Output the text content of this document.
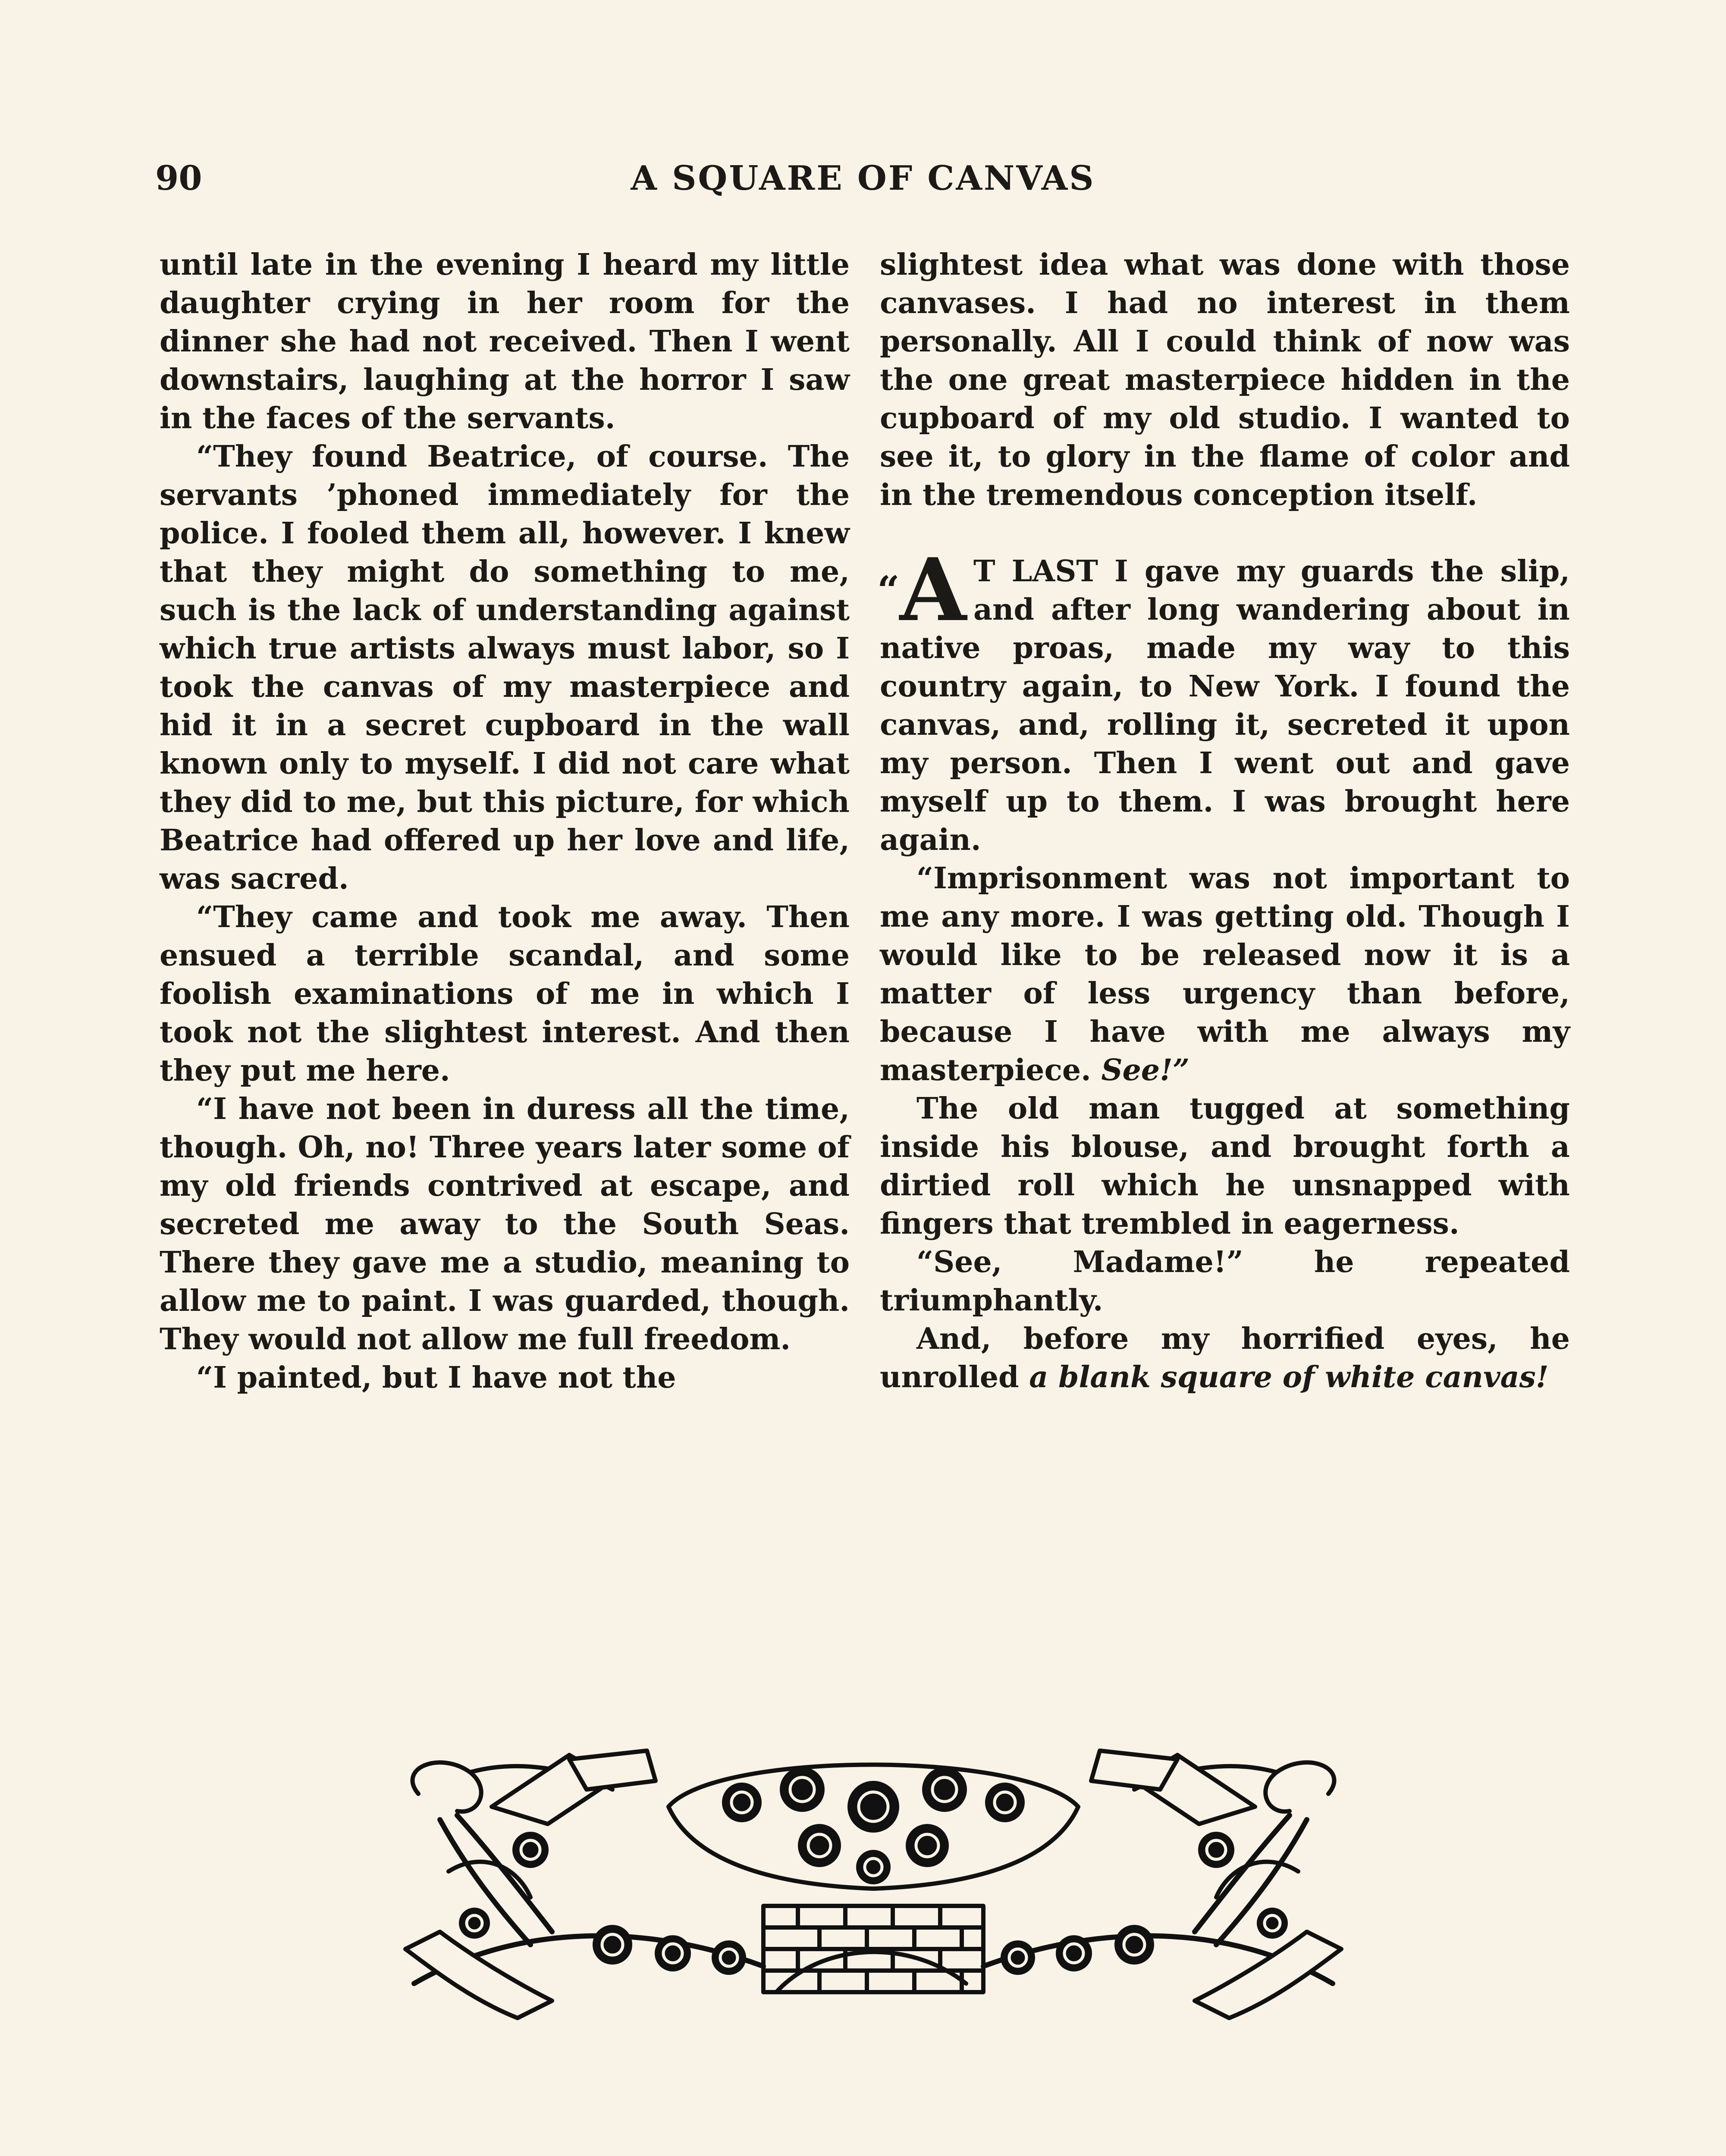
90	A SQUARE OF CANVAS

until late in the evening I heard my little daughter crying in her room for the dinner she had not received. Then I went downstairs, laughing at the horror I saw in the faces of the servants.

“They found Beatrice, of course. The servants ’phoned immediately for the police. I fooled them all, however. I knew that they might do something to me, such is the lack of understanding against which true artists always must labor, so I took the canvas of my masterpiece and hid it in a secret cupboard in the wall known only to myself. I did not care what they did to me, but this picture, for which Beatrice had offered up her love and life, was sacred.

“They came and took me away. Then ensued a terrible scandal, and some foolish examinations of me in which I took not the slightest interest. And then they put me here.

“I have not been in duress all the time, though. Oh, no! Three years later some of my old friends contrived at escape, and secreted me away to the South Seas. There they gave me a studio, meaning to allow me to paint. I was guarded, though. They would not allow me full freedom.

“I painted, but I have not the

slightest idea what was done with those canvases. I had no interest in them personally. All I could think of now was the one great masterpiece hidden in the cupboard of my old studio. I wanted to see it, to glory in the flame of color and in the tremendous conception itself.

“A T LAST I gave my guards the slip, and after long wandering about in native proas, made my way to this country again, to New York. I found the canvas, and, rolling it, secreted it upon my person. Then I went out and gave myself up to them. I was brought here again.

“Imprisonment was not important to me any more. I was getting old. Though I would like to be released now it is a matter of less urgency than before, because I have with me always my masterpiece. See!”

The old man tugged at something inside his blouse, and brought forth a dirtied roll which he unsnapped with fingers that trembled in eagerness.

“See, Madame!” he repeated triumphantly.

And, before my horrified eyes, he unrolled a blank square of white canvas!
